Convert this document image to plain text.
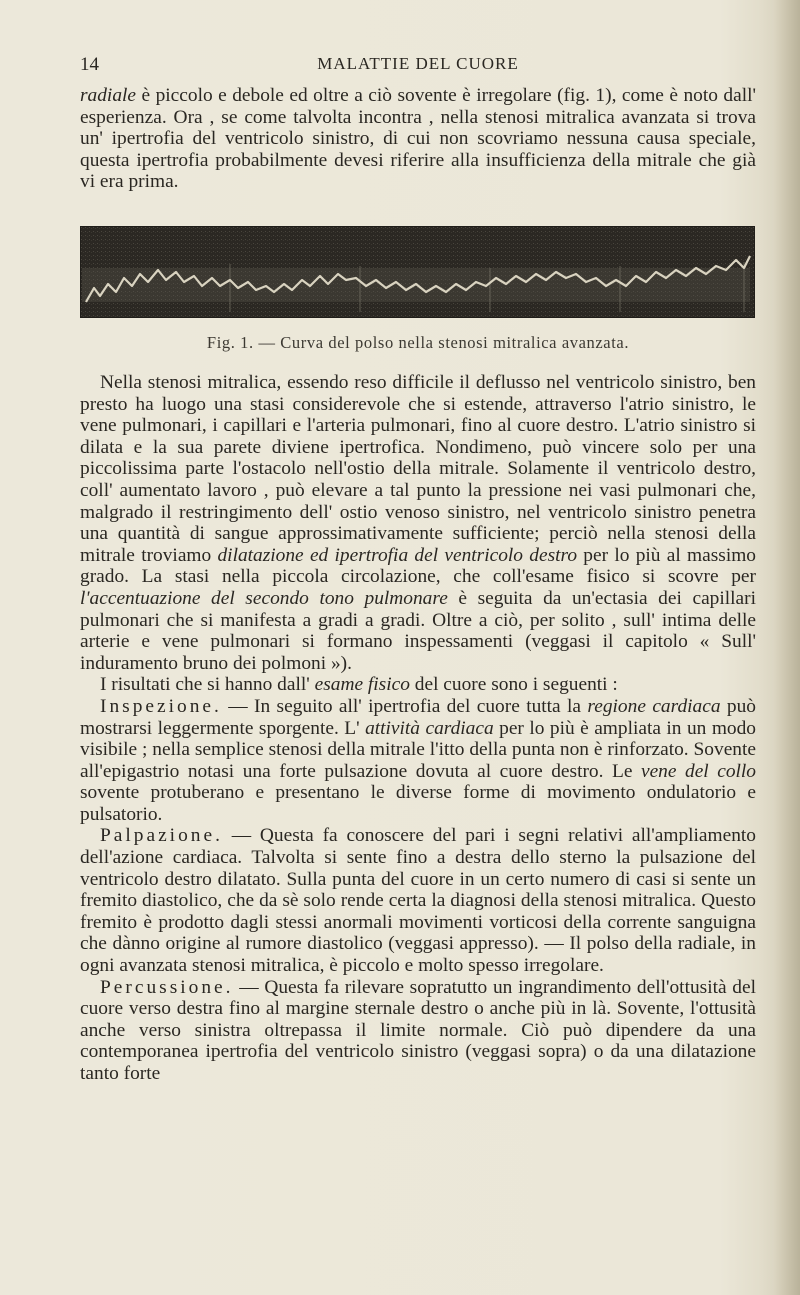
14	MALATTIE DEL CUORE

radiale è piccolo e debole ed oltre a ciò sovente è irregolare (fig. 1), come è noto dall' esperienza. Ora , se come talvolta incontra , nella stenosi mitralica avanzata si trova un' ipertrofia del ventricolo sinistro, di cui non scovriamo nessuna causa speciale, questa ipertrofia probabilmente devesi riferire alla insufficienza della mitrale che già vi era prima.

Fig. 1. — Curva del polso nella stenosi mitralica avanzata.

Nella stenosi mitralica, essendo reso difficile il deflusso nel ventricolo sinistro, ben presto ha luogo una stasi considerevole che si estende, attraverso l'atrio sinistro, le vene pulmonari, i capillari e l'arteria pulmonari, fino al cuore destro. L'atrio sinistro si dilata e la sua parete diviene ipertrofica. Nondimeno, può vincere solo per una piccolissima parte l'ostacolo nell'ostio della mitrale. Solamente il ventricolo destro, coll' aumentato lavoro , può elevare a tal punto la pressione nei vasi pulmonari che, malgrado il restringimento dell' ostio venoso sinistro, nel ventricolo sinistro penetra una quantità di sangue approssimativamente sufficiente; perciò nella stenosi della mitrale troviamo dilatazione ed ipertrofia del ventricolo destro per lo più al massimo grado. La stasi nella piccola circolazione, che coll'esame fisico si scovre per l'accentuazione del secondo tono pulmonare è seguita da un'ectasia dei capillari pulmonari che si manifesta a gradi a gradi. Oltre a ciò, per solito , sull' intima delle arterie e vene pulmonari si formano inspessamenti (veggasi il capitolo « Sull' induramento bruno dei polmoni »).

I risultati che si hanno dall' esame fisico del cuore sono i seguenti :

Inspezione. — In seguito all' ipertrofia del cuore tutta la regione cardiaca può mostrarsi leggermente sporgente. L' attività cardiaca per lo più è ampliata in un modo visibile ; nella semplice stenosi della mitrale l'itto della punta non è rinforzato. Sovente all'epigastrio notasi una forte pulsazione dovuta al cuore destro. Le vene del collo sovente protuberano e presentano le diverse forme di movimento ondulatorio e pulsatorio.

Palpazione. — Questa fa conoscere del pari i segni relativi all'ampliamento dell'azione cardiaca. Talvolta si sente fino a destra dello sterno la pulsazione del ventricolo destro dilatato. Sulla punta del cuore in un certo numero di casi si sente un fremito diastolico, che da sè solo rende certa la diagnosi della stenosi mitralica. Questo fremito è prodotto dagli stessi anormali movimenti vorticosi della corrente sanguigna che dànno origine al rumore diastolico (veggasi appresso). — Il polso della radiale, in ogni avanzata stenosi mitralica, è piccolo e molto spesso irregolare.

Percussione. — Questa fa rilevare sopratutto un ingrandimento dell'ottusità del cuore verso destra fino al margine sternale destro o anche più in là. Sovente, l'ottusità anche verso sinistra oltrepassa il limite normale. Ciò può dipendere da una contemporanea ipertrofia del ventricolo sinistro (veggasi sopra) o da una dilatazione tanto forte
